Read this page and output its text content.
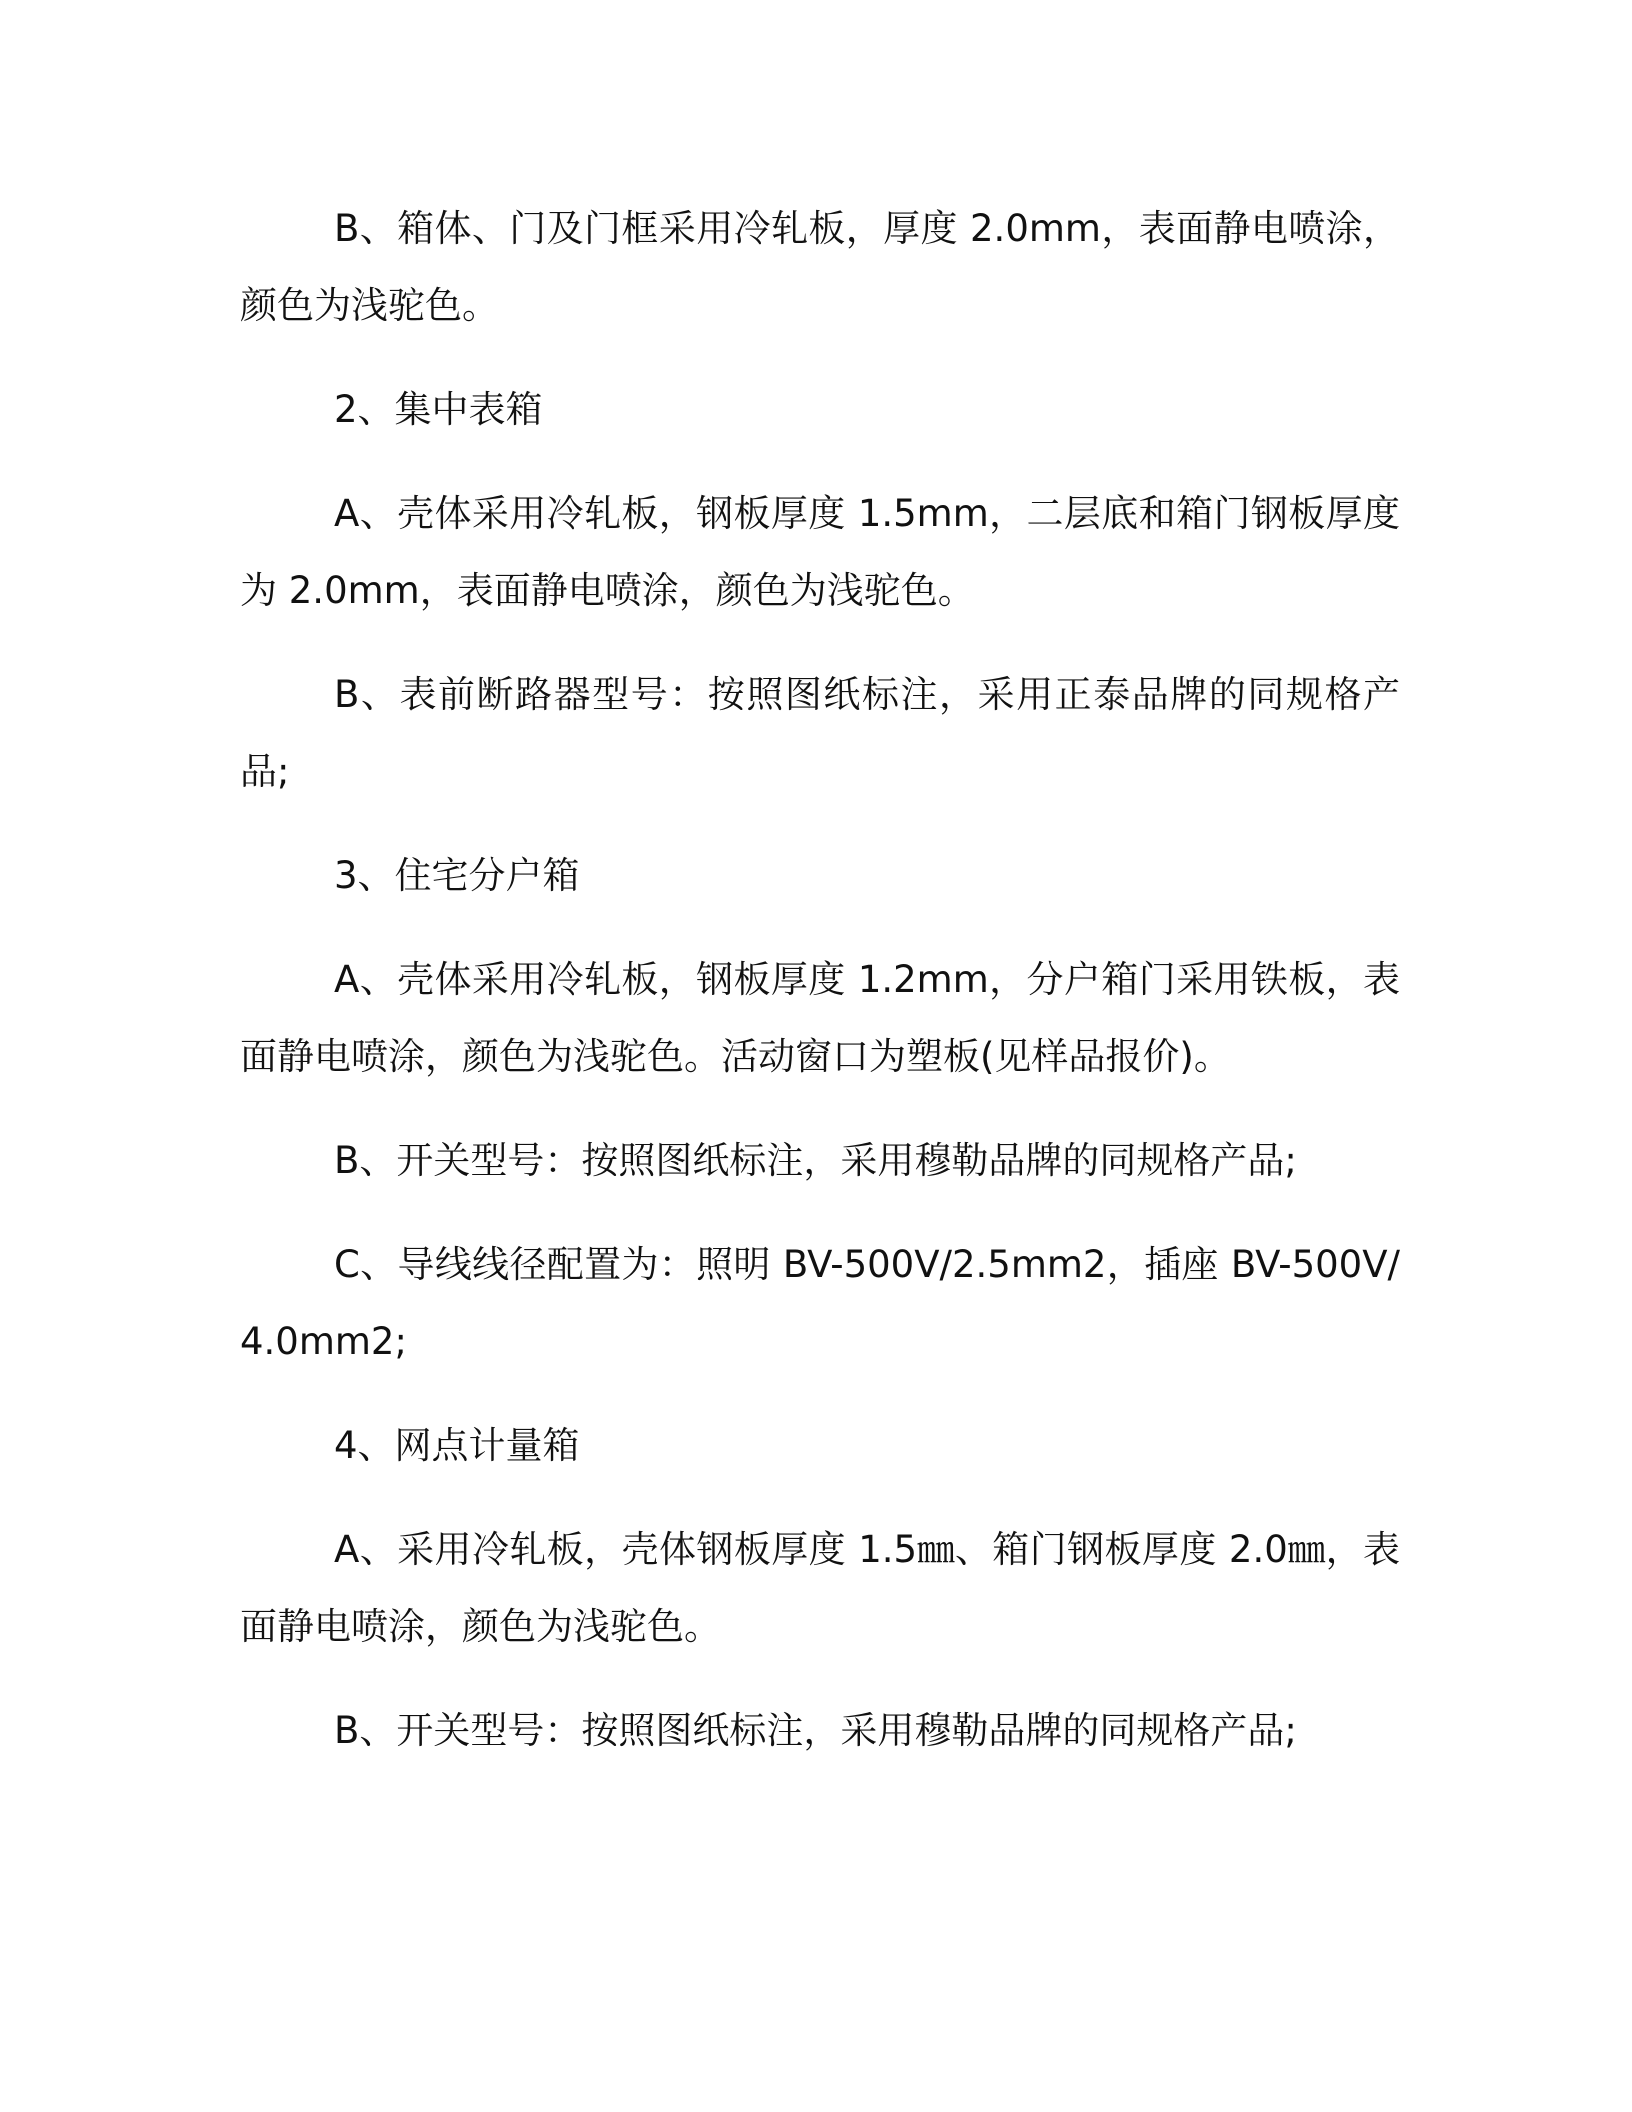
B、箱体、门及门框采用冷轧板，厚度 2.0mm，表面静电喷涂，颜色为浅驼色。

2、集中表箱

A、壳体采用冷轧板，钢板厚度 1.5mm，二层底和箱门钢板厚度为 2.0mm，表面静电喷涂，颜色为浅驼色。

B、表前断路器型号：按照图纸标注，采用正泰品牌的同规格产品;

3、住宅分户箱

A、壳体采用冷轧板，钢板厚度 1.2mm，分户箱门采用铁板，表面静电喷涂，颜色为浅驼色。活动窗口为塑板(见样品报价)。

B、开关型号：按照图纸标注，采用穆勒品牌的同规格产品;

C、导线线径配置为：照明 BV-500V/2.5mm2，插座 BV-500V/4.0mm2;

4、网点计量箱

A、采用冷轧板，壳体钢板厚度 1.5㎜、箱门钢板厚度 2.0㎜，表面静电喷涂，颜色为浅驼色。

B、开关型号：按照图纸标注，采用穆勒品牌的同规格产品;
